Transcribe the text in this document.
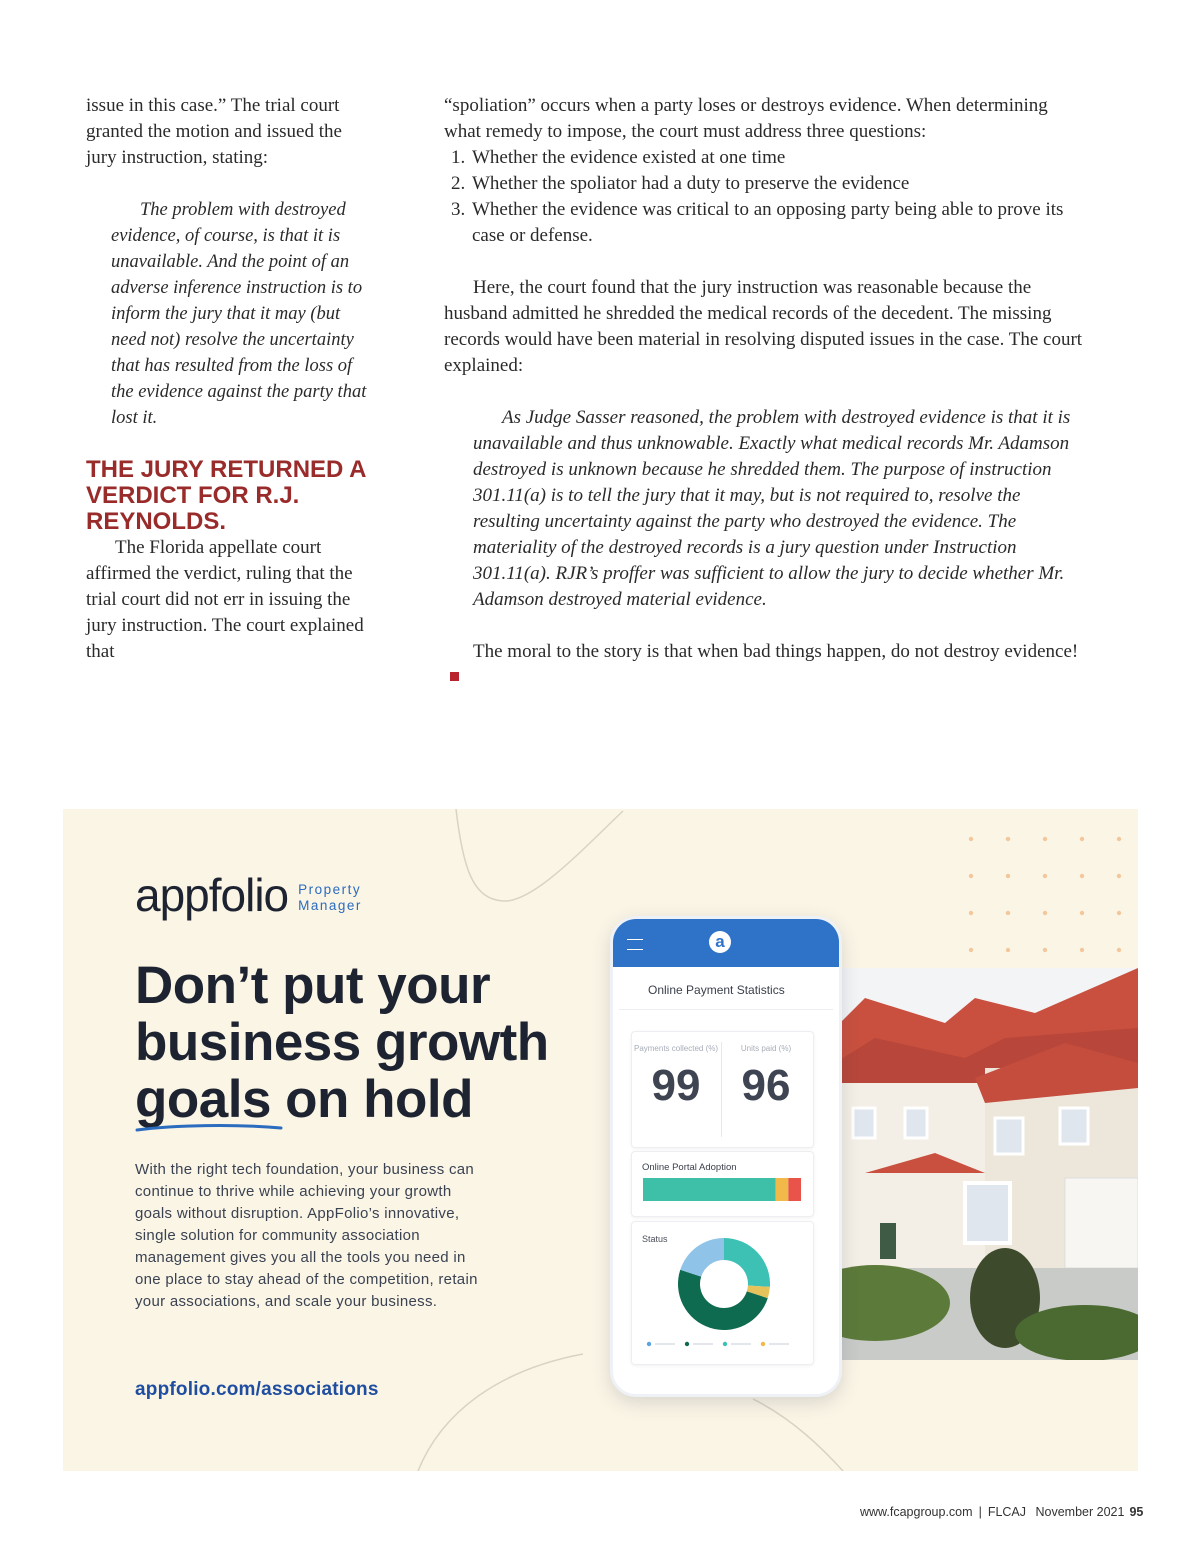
issue in this case.” The trial court granted the motion and issued the jury instruction, stating:

The problem with destroyed evidence, of course, is that it is unavailable. And the point of an adverse inference instruction is to inform the jury that it may (but need not) resolve the uncertainty that has resulted from the loss of the evidence against the party that lost it.

THE JURY RETURNED A VERDICT FOR R.J. REYNOLDS.

The Florida appellate court affirmed the verdict, ruling that the trial court did not err in issuing the jury instruction. The court explained that

“spoliation” occurs when a party loses or destroys evidence. When determining what remedy to impose, the court must address three questions:

1. Whether the evidence existed at one time
2. Whether the spoliator had a duty to preserve the evidence
3. Whether the evidence was critical to an opposing party being able to prove its case or defense.

Here, the court found that the jury instruction was reasonable because the husband admitted he shredded the medical records of the decedent. The missing records would have been material in resolving disputed issues in the case. The court explained:

As Judge Sasser reasoned, the problem with destroyed evidence is that it is unavailable and thus unknowable. Exactly what medical records Mr. Adamson destroyed is unknown because he shredded them. The purpose of instruction 301.11(a) is to tell the jury that it may, but is not required to, resolve the resulting uncertainty against the party who destroyed the evidence. The materiality of the destroyed records is a jury question under Instruction 301.11(a). RJR’s proffer was sufficient to allow the jury to decide whether Mr. Adamson destroyed material evidence.

The moral to the story is that when bad things happen, do not destroy evidence!

appfolio Property
Manager
Don’t put your
business growth
goals on hold
With the right tech foundation, your business can continue to thrive while achieving your growth goals without disruption. AppFolio’s innovative, single solution for community association management gives you all the tools you need in one place to stay ahead of the competition, retain your associations, and scale your business.
appfolio.com/associations
a
Online Payment Statistics
Payments collected (%)
99
Units paid (%)
96
Online Portal Adoption
Status
www.fcapgroup.com | FLCAJ November 2021 95
